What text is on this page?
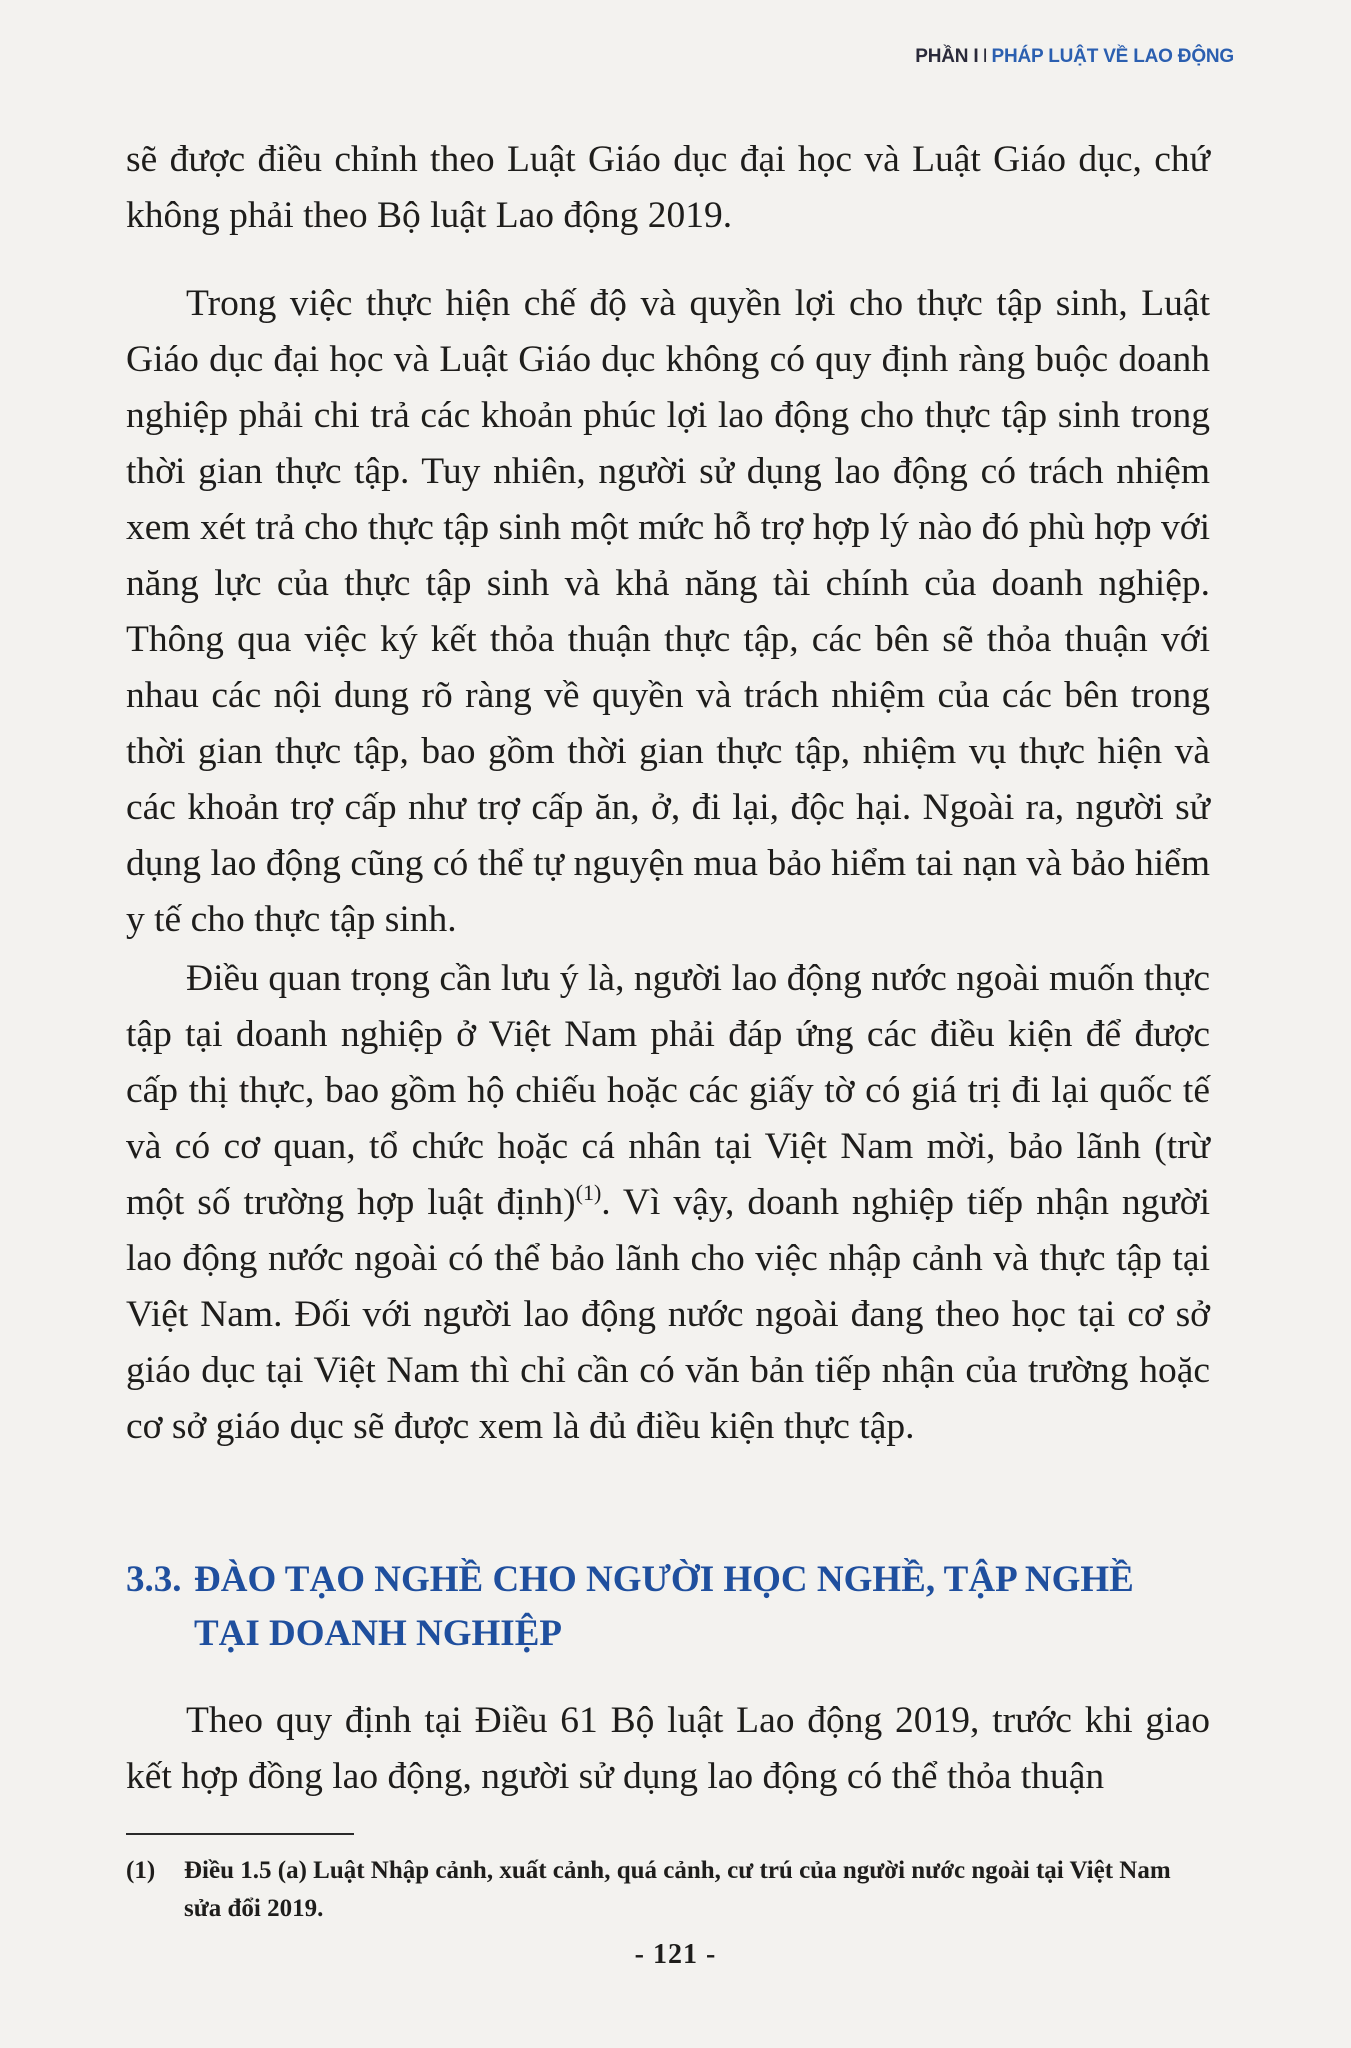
PHẦN I I PHÁP LUẬT VỀ LAO ĐỘNG

sẽ được điều chỉnh theo Luật Giáo dục đại học và Luật Giáo dục, chứ không phải theo Bộ luật Lao động 2019.

Trong việc thực hiện chế độ và quyền lợi cho thực tập sinh, Luật Giáo dục đại học và Luật Giáo dục không có quy định ràng buộc doanh nghiệp phải chi trả các khoản phúc lợi lao động cho thực tập sinh trong thời gian thực tập. Tuy nhiên, người sử dụng lao động có trách nhiệm xem xét trả cho thực tập sinh một mức hỗ trợ hợp lý nào đó phù hợp với năng lực của thực tập sinh và khả năng tài chính của doanh nghiệp. Thông qua việc ký kết thỏa thuận thực tập, các bên sẽ thỏa thuận với nhau các nội dung rõ ràng về quyền và trách nhiệm của các bên trong thời gian thực tập, bao gồm thời gian thực tập, nhiệm vụ thực hiện và các khoản trợ cấp như trợ cấp ăn, ở, đi lại, độc hại. Ngoài ra, người sử dụng lao động cũng có thể tự nguyện mua bảo hiểm tai nạn và bảo hiểm y tế cho thực tập sinh.

Điều quan trọng cần lưu ý là, người lao động nước ngoài muốn thực tập tại doanh nghiệp ở Việt Nam phải đáp ứng các điều kiện để được cấp thị thực, bao gồm hộ chiếu hoặc các giấy tờ có giá trị đi lại quốc tế và có cơ quan, tổ chức hoặc cá nhân tại Việt Nam mời, bảo lãnh (trừ một số trường hợp luật định)$^{(1)}$. Vì vậy, doanh nghiệp tiếp nhận người lao động nước ngoài có thể bảo lãnh cho việc nhập cảnh và thực tập tại Việt Nam. Đối với người lao động nước ngoài đang theo học tại cơ sở giáo dục tại Việt Nam thì chỉ cần có văn bản tiếp nhận của trường hoặc cơ sở giáo dục sẽ được xem là đủ điều kiện thực tập.

3.3. ĐÀO TẠO NGHỀ CHO NGƯỜI HỌC NGHỀ, TẬP NGHỀ
TẠI DOANH NGHIỆP

Theo quy định tại Điều 61 Bộ luật Lao động 2019, trước khi giao kết hợp đồng lao động, người sử dụng lao động có thể thỏa thuận

(1)	Điều 1.5 (a) Luật Nhập cảnh, xuất cảnh, quá cảnh, cư trú của người nước ngoài tại Việt Nam sửa đổi 2019.
- 121 -
